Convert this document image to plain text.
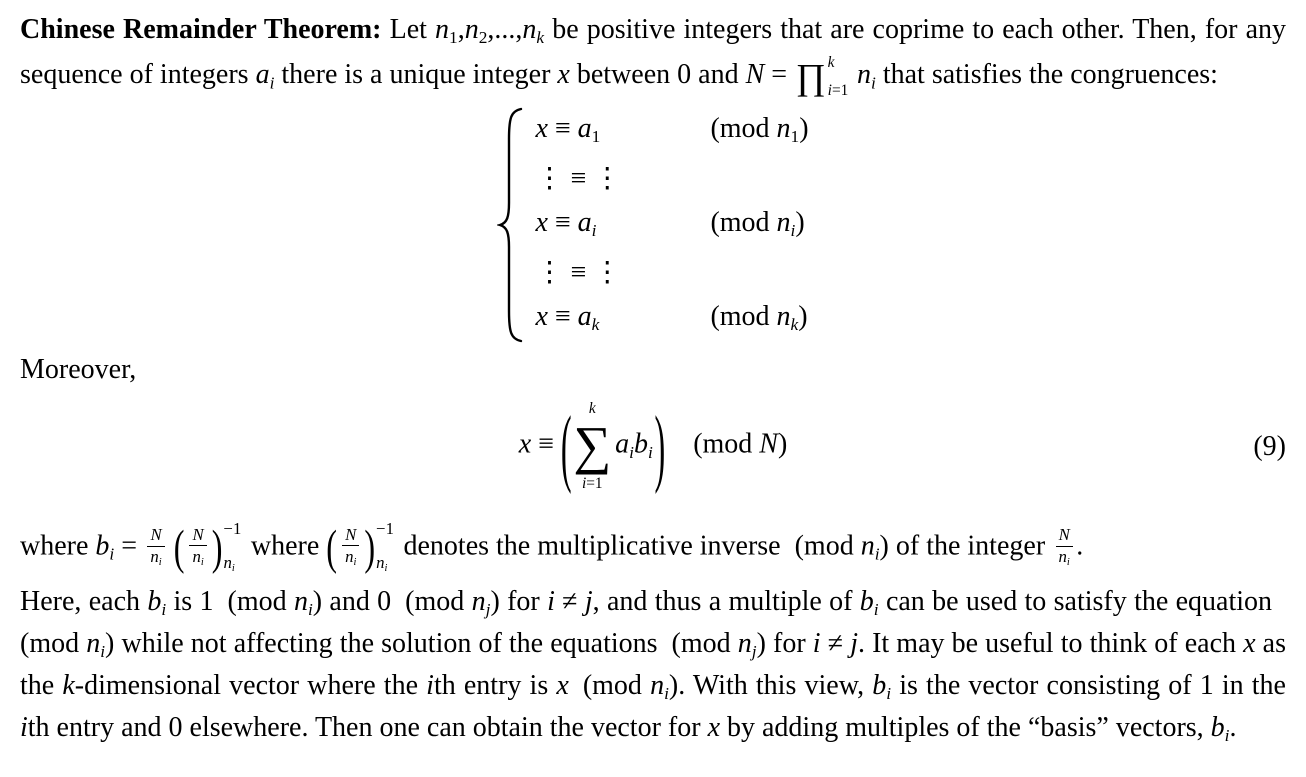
Chinese Remainder Theorem: Let $n_1,n_2,...,n_k$ be positive integers that are coprime to each other. Then, for any sequence of integers $a_i$ there is a unique integer x between 0 and N = ∏ k
i=1
$n_i$ that satisfies the congruences:

$x \equiv a_1$	(mod $n_1$)
⋮ ≡ ⋮
$x \equiv a_i$	(mod $n_i$)
⋮ ≡ ⋮
$x \equiv a_k$	(mod $n_k$)

Moreover,

x ≡ ( k
∑
i=1
$a_ib_i$ )  (mod N)	(9)

where $b_i = \frac{N}{n_i}$
  ( $\frac{N}{n_i}$ ) −1
$n_i$
where ( $\frac{N}{n_i}$ ) −1
$n_i$
denotes the multiplicative inverse (mod $n_i$) of the integer $\frac{N}{n_i}$ .

Here, each $b_i$ is 1 (mod $n_i$) and 0 (mod $n_j$) for i ≠ j, and thus a multiple of $b_i$ can be used to satisfy the equation (mod $n_i$) while not affecting the solution of the equations (mod $n_j$) for i ≠ j. It may be useful to think of each x as the k-dimensional vector where the ith entry is x (mod $n_i$). With this view, $b_i$ is the vector consisting of 1 in the ith entry and 0 elsewhere. Then one can obtain the vector for x by adding multiples of the “basis” vectors, $b_i$.
